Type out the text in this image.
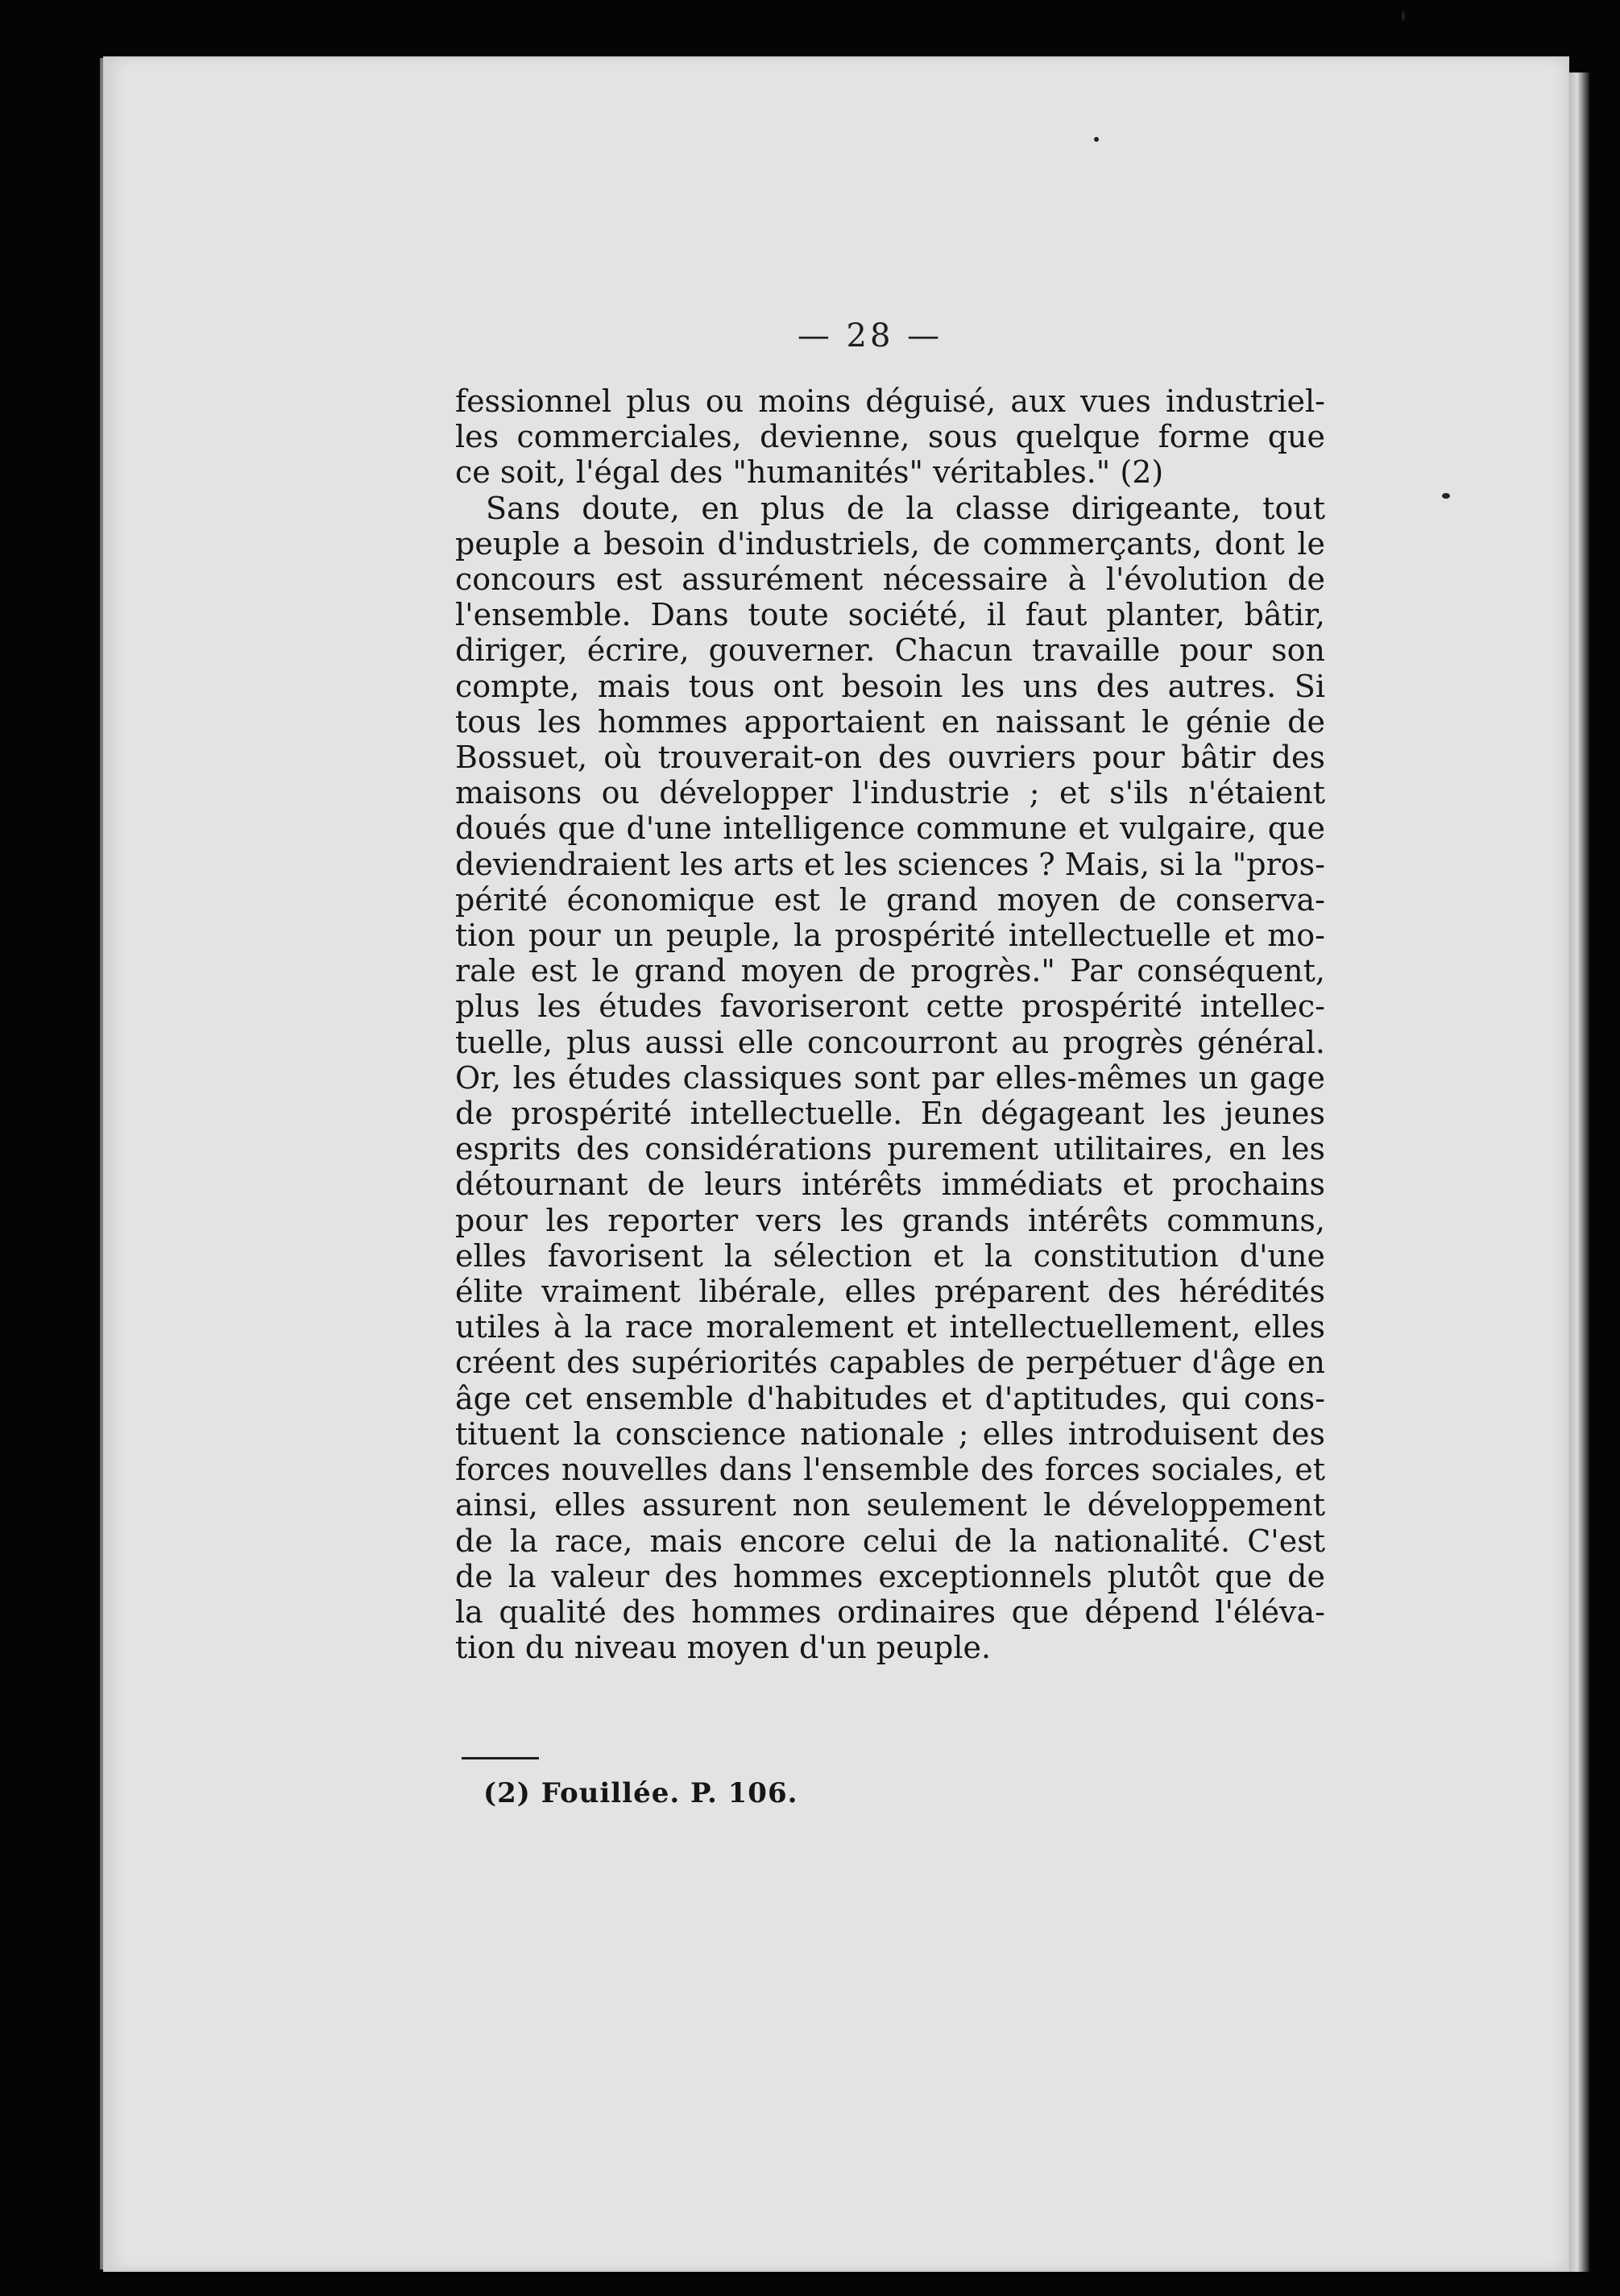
— 28 —
fessionnel plus ou moins déguisé, aux vues industriel-
les commerciales, devienne, sous quelque forme que
ce soit, l'égal des "humanités" véritables." (2)
Sans doute, en plus de la classe dirigeante, tout
peuple a besoin d'industriels, de commerçants, dont le
concours est assurément nécessaire à l'évolution de
l'ensemble. Dans toute société, il faut planter, bâtir,
diriger, écrire, gouverner. Chacun travaille pour son
compte, mais tous ont besoin les uns des autres. Si
tous les hommes apportaient en naissant le génie de
Bossuet, où trouverait-on des ouvriers pour bâtir des
maisons ou développer l'industrie ; et s'ils n'étaient
doués que d'une intelligence commune et vulgaire, que
deviendraient les arts et les sciences ? Mais, si la "pros-
périté économique est le grand moyen de conserva-
tion pour un peuple, la prospérité intellectuelle et mo-
rale est le grand moyen de progrès." Par conséquent,
plus les études favoriseront cette prospérité intellec-
tuelle, plus aussi elle concourront au progrès général.
Or, les études classiques sont par elles-mêmes un gage
de prospérité intellectuelle. En dégageant les jeunes
esprits des considérations purement utilitaires, en les
détournant de leurs intérêts immédiats et prochains
pour les reporter vers les grands intérêts communs,
elles favorisent la sélection et la constitution d'une
élite vraiment libérale, elles préparent des hérédités
utiles à la race moralement et intellectuellement, elles
créent des supériorités capables de perpétuer d'âge en
âge cet ensemble d'habitudes et d'aptitudes, qui cons-
tituent la conscience nationale ; elles introduisent des
forces nouvelles dans l'ensemble des forces sociales, et
ainsi, elles assurent non seulement le développement
de la race, mais encore celui de la nationalité. C'est
de la valeur des hommes exceptionnels plutôt que de
la qualité des hommes ordinaires que dépend l'éléva-
tion du niveau moyen d'un peuple.
(2) Fouillée. P. 106.
